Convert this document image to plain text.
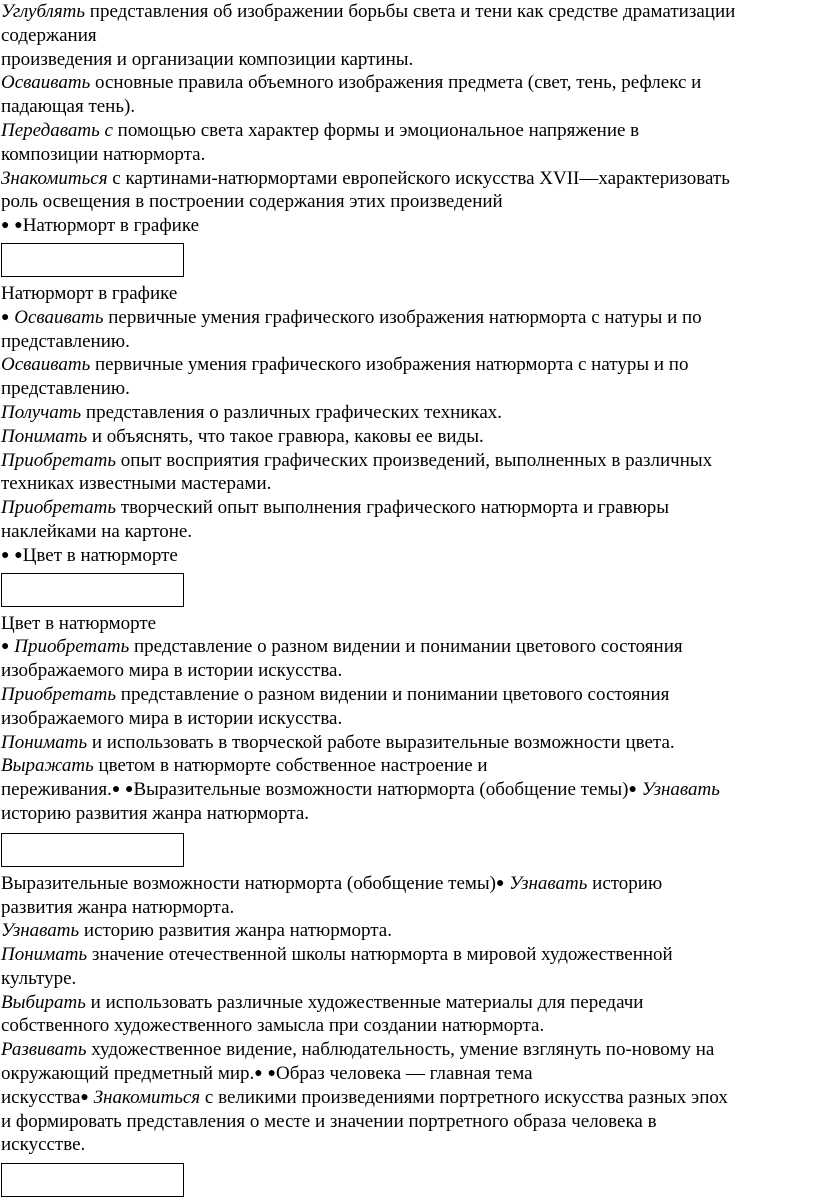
Углублять представления об изображении борьбы света и тени как средстве драматизации
содержания
произведения и организации композиции картины.
Осваивать основные правила объемного изображения предмета (свет, тень, рефлекс и
падающая тень).
Передавать с помощью света характер формы и эмоциональное напряжение в
композиции натюрморта.
Знакомиться с картинами-натюрмортами европейского искусства XVII—характеризовать
роль освещения в построении содержания этих произведений
● ●Натюрморт в графике
Натюрморт в графике
● Осваивать первичные умения графического изображения натюрморта с натуры и по
представлению.
Осваивать первичные умения графического изображения натюрморта с натуры и по
представлению.
Получать представления о различных графических техниках.
Понимать и объяснять, что такое гравюра, каковы ее виды.
Приобретать опыт восприятия графических произведений, выполненных в различных
техниках известными мастерами.
Приобретать творческий опыт выполнения графического натюрморта и гравюры
наклейками на картоне.
● ●Цвет в натюрморте
Цвет в натюрморте
● Приобретать представление о разном видении и понимании цветового состояния
изображаемого мира в истории искусства.
Приобретать представление о разном видении и понимании цветового состояния
изображаемого мира в истории искусства.
Понимать и использовать в творческой работе выразительные возможности цвета.
Выражать цветом в натюрморте собственное настроение и
переживания.● ●Выразительные возможности натюрморта (обобщение темы)● Узнавать
историю развития жанра натюрморта.
Выразительные возможности натюрморта (обобщение темы)● Узнавать историю
развития жанра натюрморта.
Узнавать историю развития жанра натюрморта.
Понимать значение отечественной школы натюрморта в мировой художественной
культуре.
Выбирать и использовать различные художественные материалы для передачи
собственного художественного замысла при создании натюрморта.
Развивать художественное видение, наблюдательность, умение взглянуть по-новому на
окружающий предметный мир.● ●Образ человека — главная тема
искусства● Знакомиться с великими произведениями портретного искусства разных эпох
и формировать представления о месте и значении портретного образа человека в
искусстве.
